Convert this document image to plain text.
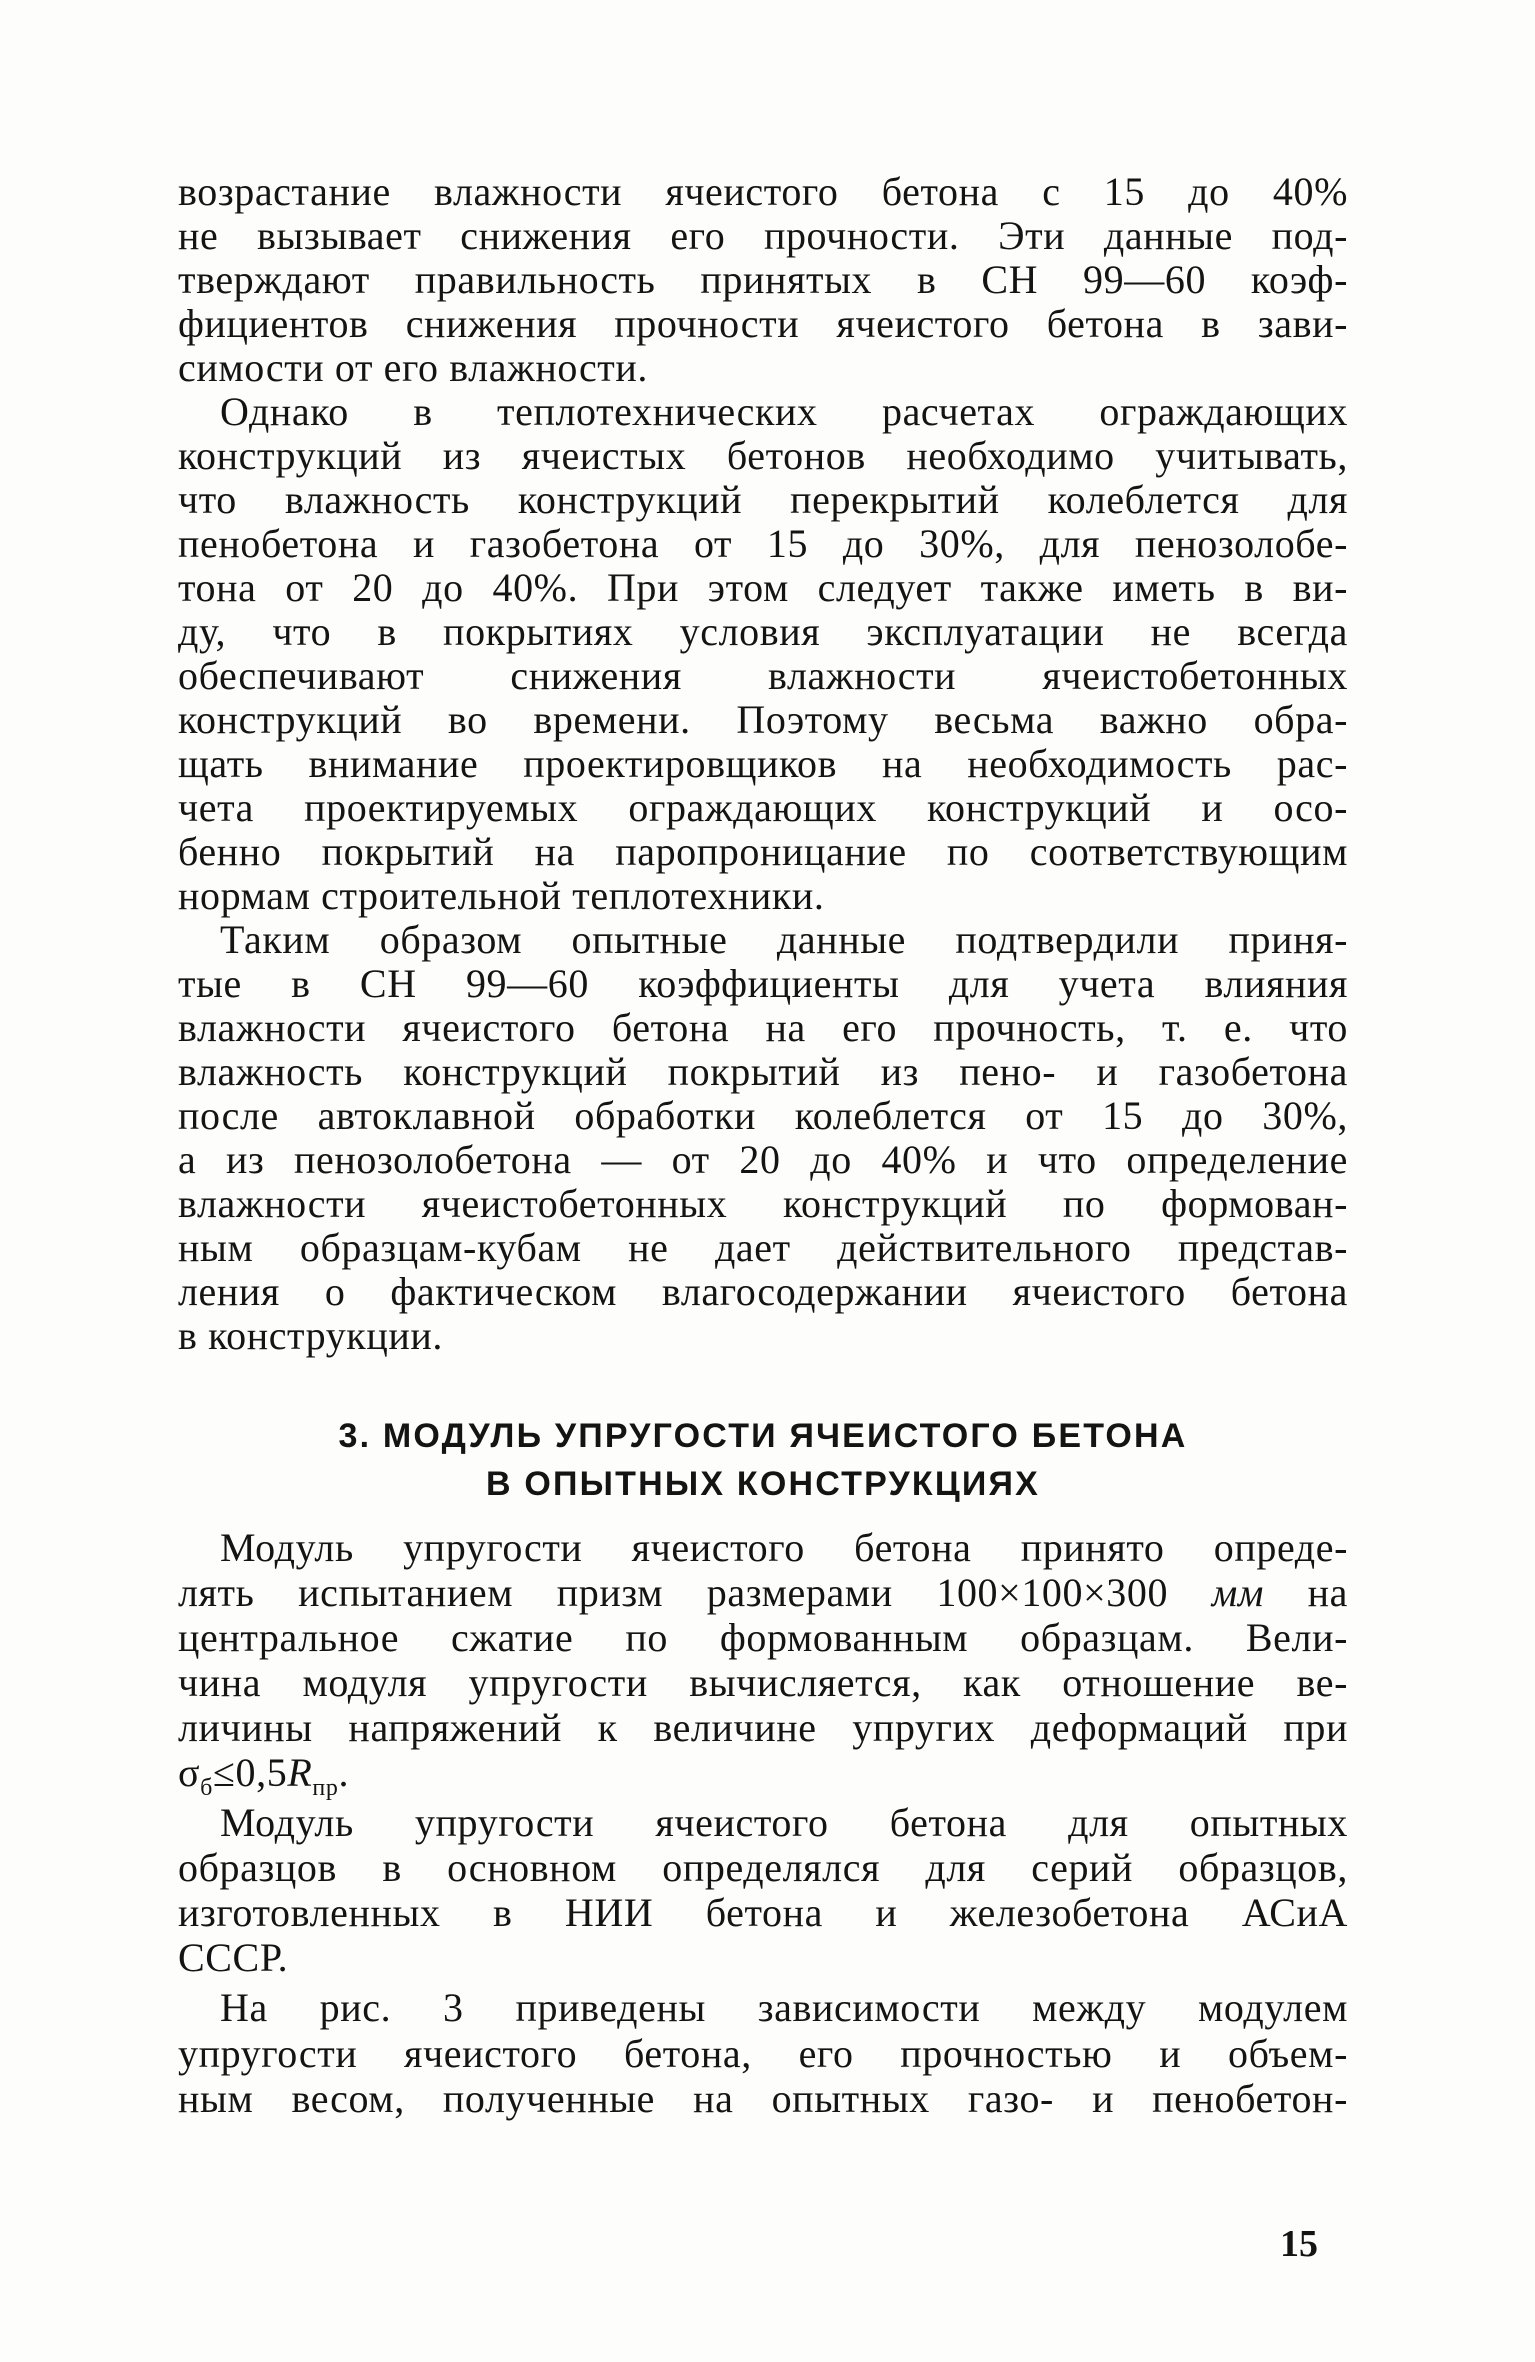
возрастание влажности ячеистого бетона с 15 до 40%
не вызывает снижения его прочности. Эти данные под-
тверждают правильность принятых в СН 99—60 коэф-
фициентов снижения прочности ячеистого бетона в зави-
симости от его влажности.
Однако в теплотехнических расчетах ограждающих
конструкций из ячеистых бетонов необходимо учитывать,
что влажность конструкций перекрытий колеблется для
пенобетона и газобетона от 15 до 30%, для пенозолобе-
тона от 20 до 40%. При этом следует также иметь в ви-
ду, что в покрытиях условия эксплуатации не всегда
обеспечивают снижения влажности ячеистобетонных
конструкций во времени. Поэтому весьма важно обра-
щать внимание проектировщиков на необходимость рас-
чета проектируемых ограждающих конструкций и осо-
бенно покрытий на паропроницание по соответствующим
нормам строительной теплотехники.
Таким образом опытные данные подтвердили приня-
тые в СН 99—60 коэффициенты для учета влияния
влажности ячеистого бетона на его прочность, т. е. что
влажность конструкций покрытий из пено- и газобетона
после автоклавной обработки колеблется от 15 до 30%,
а из пенозолобетона — от 20 до 40% и что определение
влажности ячеистобетонных конструкций по формован-
ным образцам-кубам не дает действительного представ-
ления о фактическом влагосодержании ячеистого бетона
в конструкции.
3. МОДУЛЬ УПРУГОСТИ ЯЧЕИСТОГО БЕТОНА
В ОПЫТНЫХ КОНСТРУКЦИЯХ
Модуль упругости ячеистого бетона принято опреде-
лять испытанием призм размерами 100×100×300 мм на
центральное сжатие по формованным образцам. Вели-
чина модуля упругости вычисляется, как отношение ве-
личины напряжений к величине упругих деформаций при
$\sigma_б\le 0,5R_{пр}$.
Модуль упругости ячеистого бетона для опытных
образцов в основном определялся для серий образцов,
изготовленных в НИИ бетона и железобетона АСиА
СССР.
На рис. 3 приведены зависимости между модулем
упругости ячеистого бетона, его прочностью и объем-
ным весом, полученные на опытных газо- и пенобетон-
15
